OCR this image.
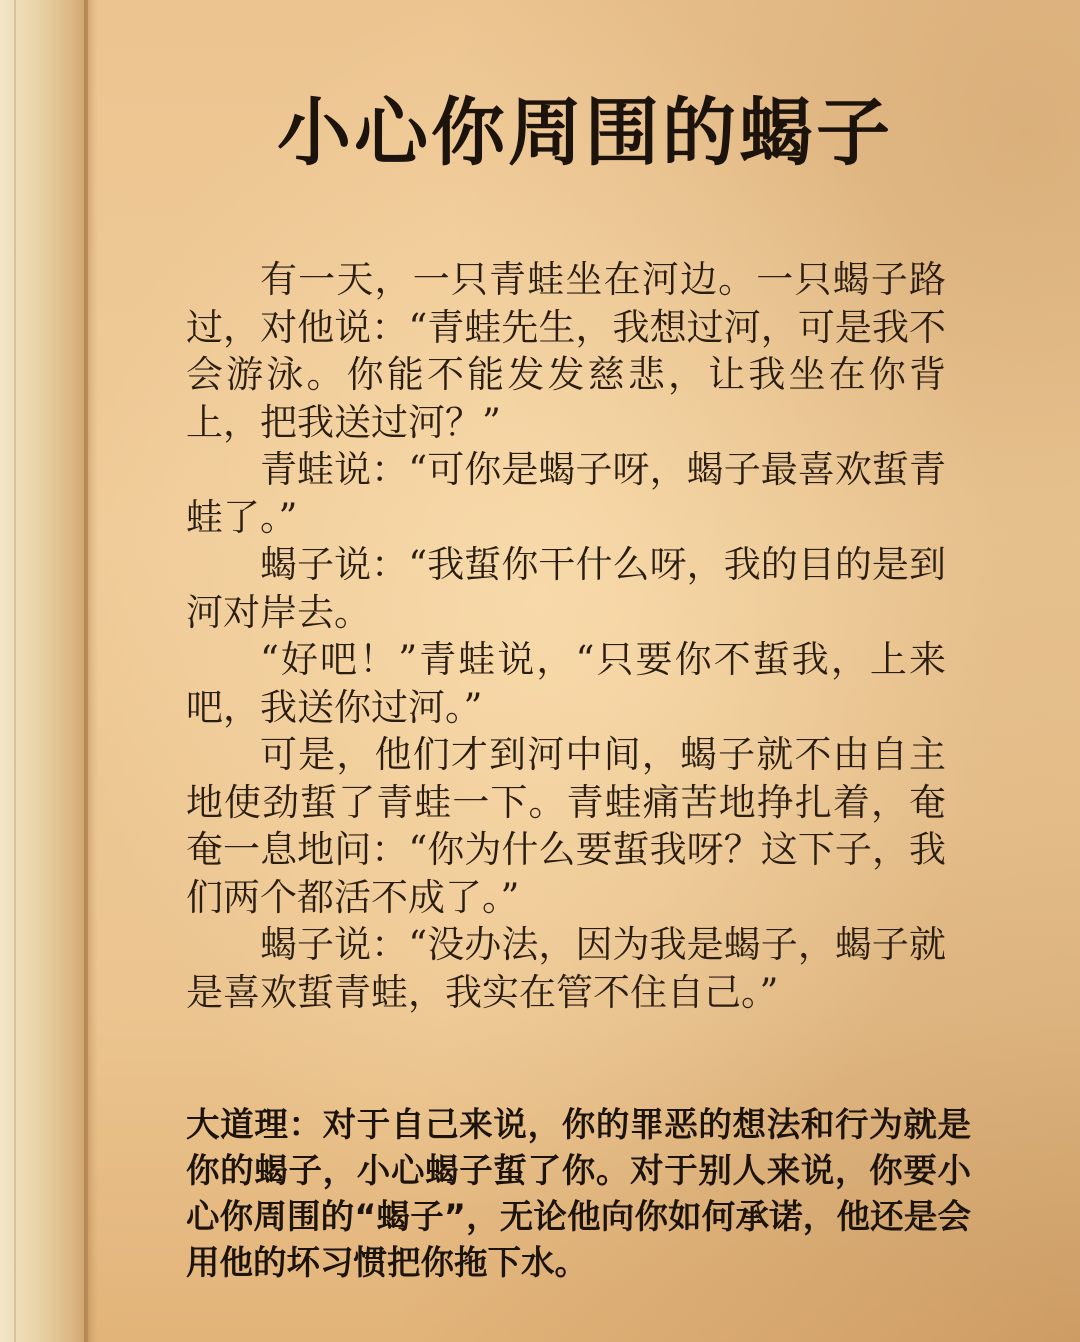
小心你周围的蝎子

有一天，一只青蛙坐在河边。一只蝎子路过，对他说：“青蛙先生，我想过河，可是我不会游泳。你能不能发发慈悲，让我坐在你背上，把我送过河？”

青蛙说：“可你是蝎子呀，蝎子最喜欢蜇青蛙了。”

蝎子说：“我蜇你干什么呀，我的目的是到河对岸去。

“好吧！”青蛙说，“只要你不蜇我，上来吧，我送你过河。”

可是，他们才到河中间，蝎子就不由自主地使劲蜇了青蛙一下。青蛙痛苦地挣扎着，奄奄一息地问：“你为什么要蜇我呀？这下子，我们两个都活不成了。”

蝎子说：“没办法，因为我是蝎子，蝎子就是喜欢蜇青蛙，我实在管不住自己。”

大道理：对于自己来说，你的罪恶的想法和行为就是你的蝎子，小心蝎子蜇了你。对于别人来说，你要小心你周围的“蝎子”，无论他向你如何承诺，他还是会用他的坏习惯把你拖下水。
